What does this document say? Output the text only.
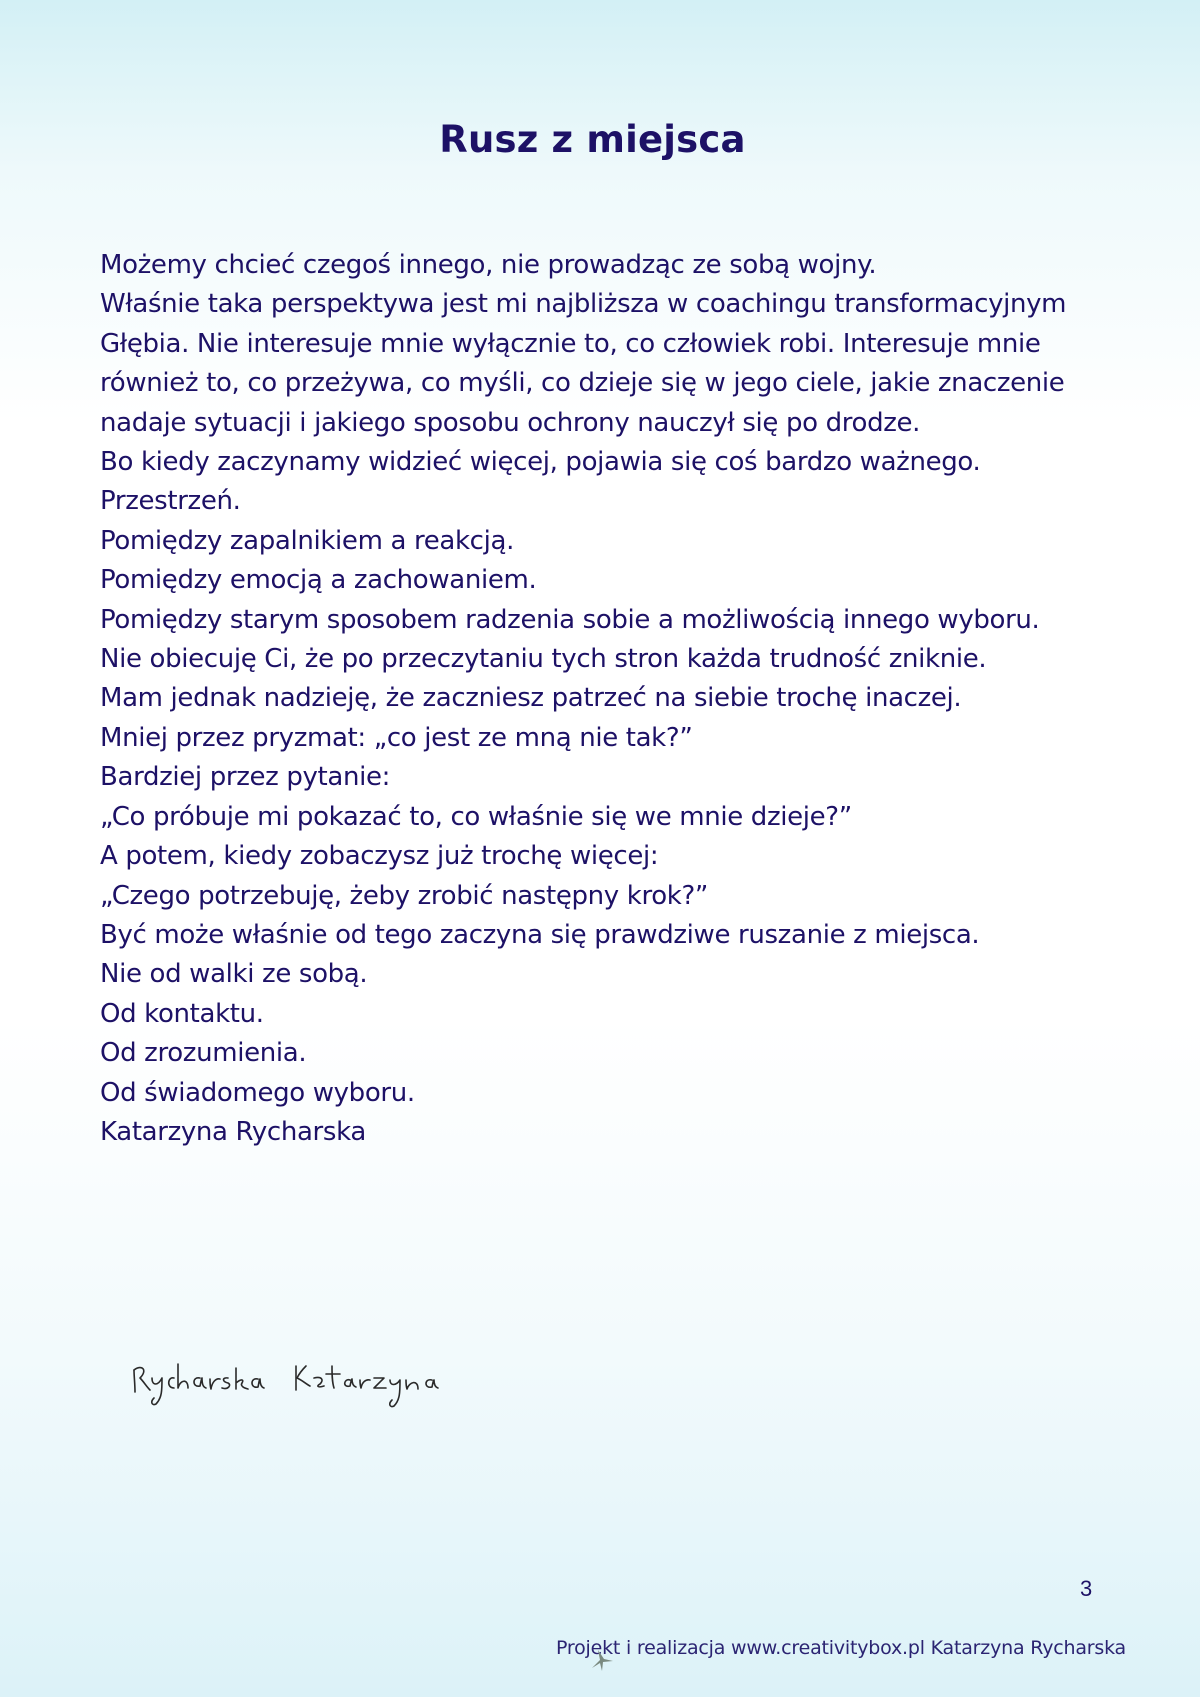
Rusz z miejsca
Możemy chcieć czegoś innego, nie prowadząc ze sobą wojny.
Właśnie taka perspektywa jest mi najbliższa w coachingu transformacyjnym
Głębia. Nie interesuje mnie wyłącznie to, co człowiek robi. Interesuje mnie
również to, co przeżywa, co myśli, co dzieje się w jego ciele, jakie znaczenie
nadaje sytuacji i jakiego sposobu ochrony nauczył się po drodze.
Bo kiedy zaczynamy widzieć więcej, pojawia się coś bardzo ważnego.
Przestrzeń.
Pomiędzy zapalnikiem a reakcją.
Pomiędzy emocją a zachowaniem.
Pomiędzy starym sposobem radzenia sobie a możliwością innego wyboru.
Nie obiecuję Ci, że po przeczytaniu tych stron każda trudność zniknie.
Mam jednak nadzieję, że zaczniesz patrzeć na siebie trochę inaczej.
Mniej przez pryzmat: „co jest ze mną nie tak?”
Bardziej przez pytanie:
„Co próbuje mi pokazać to, co właśnie się we mnie dzieje?”
A potem, kiedy zobaczysz już trochę więcej:
„Czego potrzebuję, żeby zrobić następny krok?”
Być może właśnie od tego zaczyna się prawdziwe ruszanie z miejsca.
Nie od walki ze sobą.
Od kontaktu.
Od zrozumienia.
Od świadomego wyboru.
Katarzyna Rycharska
3
Projekt i realizacja www.creativitybox.pl Katarzyna Rycharska
